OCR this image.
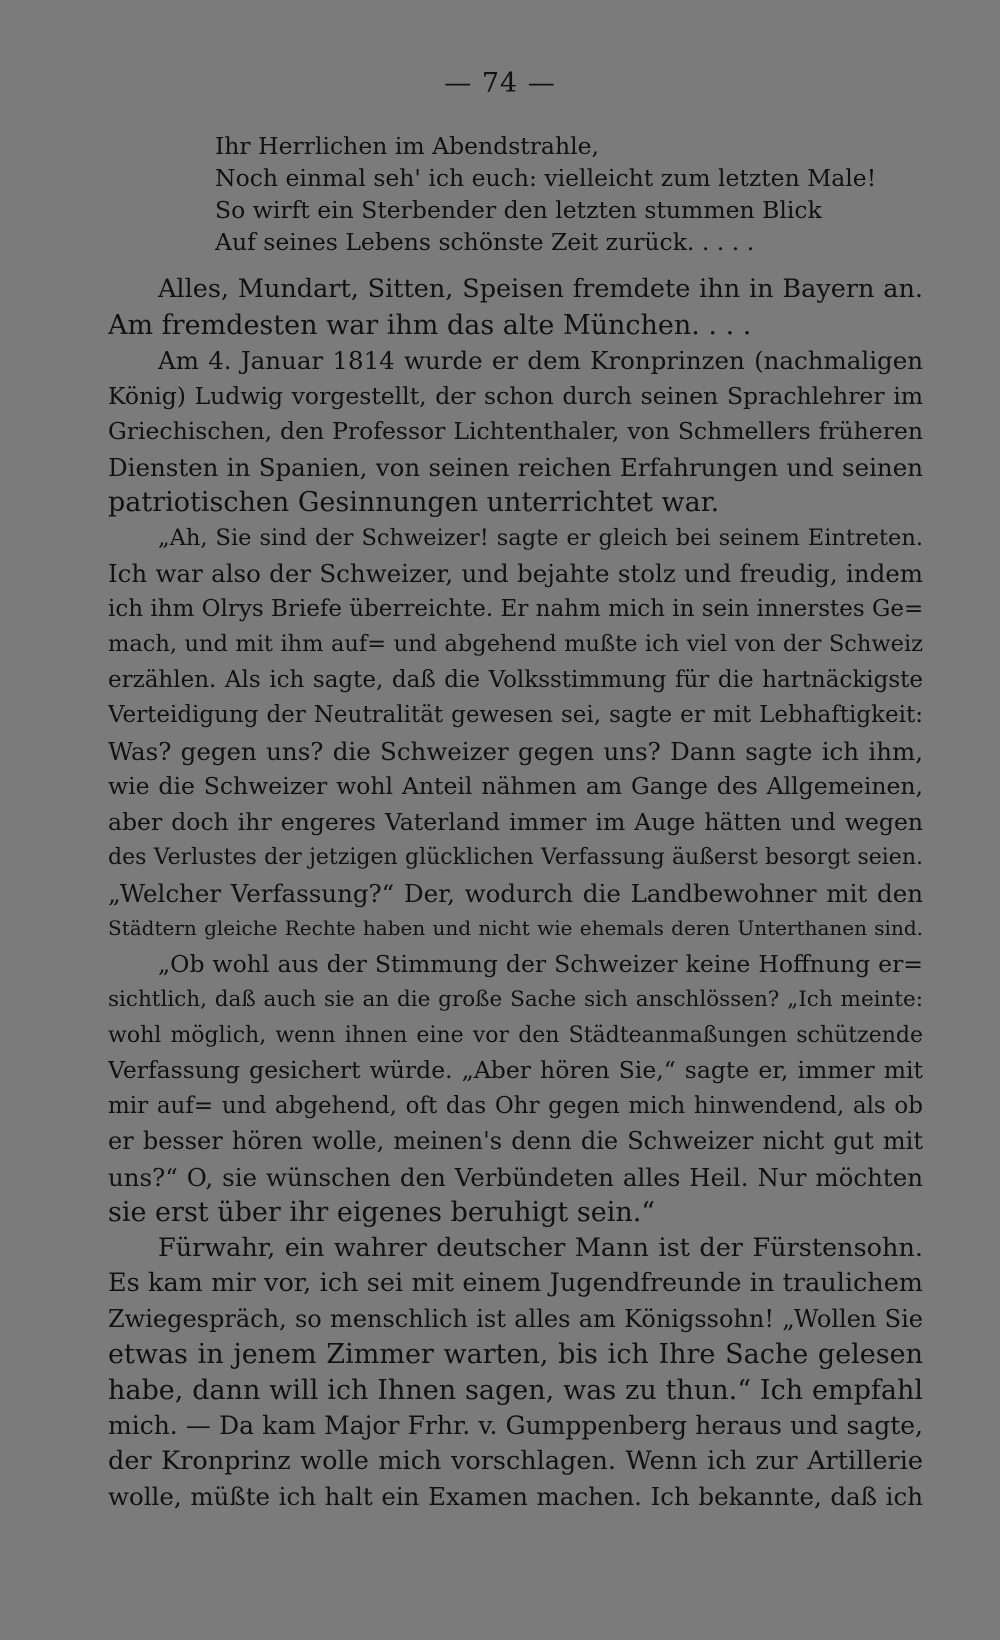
— 74 —
Ihr Herrlichen im Abendstrahle,
Noch einmal seh' ich euch: vielleicht zum letzten Male!
So wirft ein Sterbender den letzten stummen Blick
Auf seines Lebens schönste Zeit zurück. . . . .
Alles, Mundart, Sitten, Speisen fremdete ihn in Bayern an.
Am fremdesten war ihm das alte München. . . .
Am 4. Januar 1814 wurde er dem Kronprinzen (nachmaligen
König) Ludwig vorgestellt, der schon durch seinen Sprachlehrer im
Griechischen, den Professor Lichtenthaler, von Schmellers früheren
Diensten in Spanien, von seinen reichen Erfahrungen und seinen
patriotischen Gesinnungen unterrichtet war.
„Ah, Sie sind der Schweizer! sagte er gleich bei seinem Eintreten.
Ich war also der Schweizer, und bejahte stolz und freudig, indem
ich ihm Olrys Briefe überreichte. Er nahm mich in sein innerstes Ge=
mach, und mit ihm auf= und abgehend mußte ich viel von der Schweiz
erzählen. Als ich sagte, daß die Volksstimmung für die hartnäckigste
Verteidigung der Neutralität gewesen sei, sagte er mit Lebhaftigkeit:
Was? gegen uns? die Schweizer gegen uns? Dann sagte ich ihm,
wie die Schweizer wohl Anteil nähmen am Gange des Allgemeinen,
aber doch ihr engeres Vaterland immer im Auge hätten und wegen
des Verlustes der jetzigen glücklichen Verfassung äußerst besorgt seien.
„Welcher Verfassung?“ Der, wodurch die Landbewohner mit den
Städtern gleiche Rechte haben und nicht wie ehemals deren Unterthanen sind.
„Ob wohl aus der Stimmung der Schweizer keine Hoffnung er=
sichtlich, daß auch sie an die große Sache sich anschlössen? „Ich meinte:
wohl möglich, wenn ihnen eine vor den Städteanmaßungen schützende
Verfassung gesichert würde. „Aber hören Sie,“ sagte er, immer mit
mir auf= und abgehend, oft das Ohr gegen mich hinwendend, als ob
er besser hören wolle, meinen's denn die Schweizer nicht gut mit
uns?“ O, sie wünschen den Verbündeten alles Heil. Nur möchten
sie erst über ihr eigenes beruhigt sein.“
Fürwahr, ein wahrer deutscher Mann ist der Fürstensohn.
Es kam mir vor, ich sei mit einem Jugendfreunde in traulichem
Zwiegespräch, so menschlich ist alles am Königssohn! „Wollen Sie
etwas in jenem Zimmer warten, bis ich Ihre Sache gelesen
habe, dann will ich Ihnen sagen, was zu thun.“ Ich empfahl
mich. — Da kam Major Frhr. v. Gumppenberg heraus und sagte,
der Kronprinz wolle mich vorschlagen. Wenn ich zur Artillerie
wolle, müßte ich halt ein Examen machen. Ich bekannte, daß ich
